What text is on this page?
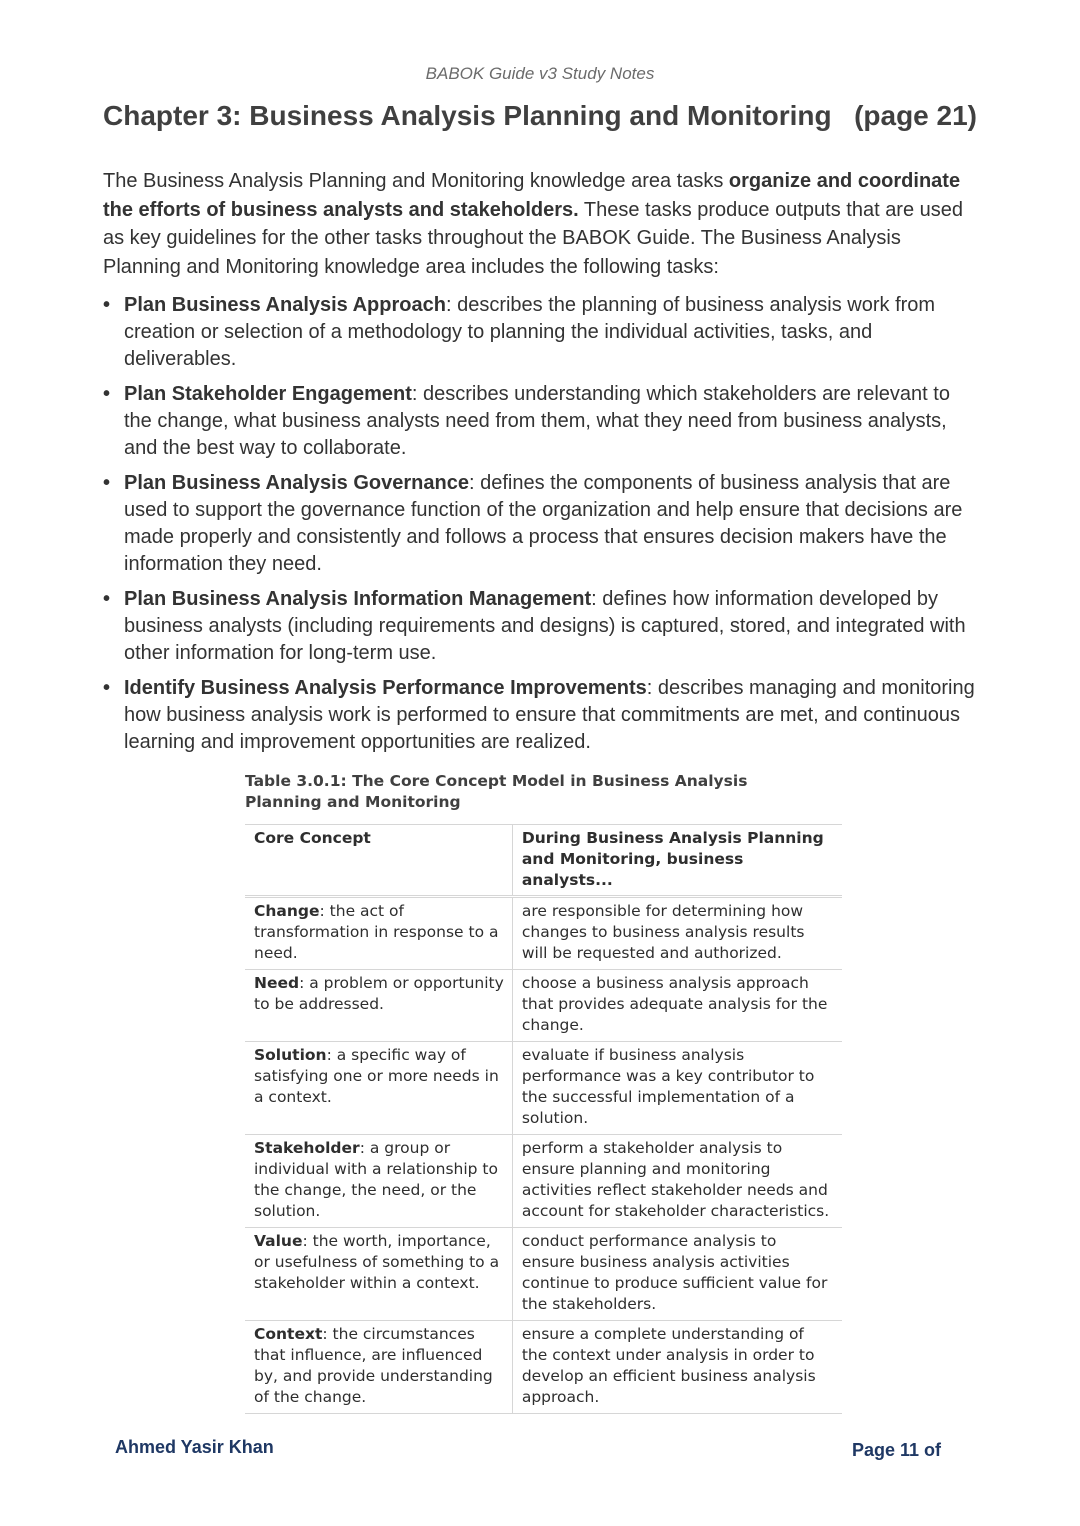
BABOK Guide v3 Study Notes
Chapter 3: Business Analysis Planning and Monitoring (page 21)

The Business Analysis Planning and Monitoring knowledge area tasks organize and coordinate the efforts of business analysts and stakeholders. These tasks produce outputs that are used as key guidelines for the other tasks throughout the BABOK Guide. The Business Analysis Planning and Monitoring knowledge area includes the following tasks:

• Plan Business Analysis Approach: describes the planning of business analysis work from creation or selection of a methodology to planning the individual activities, tasks, and deliverables.
• Plan Stakeholder Engagement: describes understanding which stakeholders are relevant to the change, what business analysts need from them, what they need from business analysts, and the best way to collaborate.
• Plan Business Analysis Governance: defines the components of business analysis that are used to support the governance function of the organization and help ensure that decisions are made properly and consistently and follows a process that ensures decision makers have the information they need.
• Plan Business Analysis Information Management: defines how information developed by business analysts (including requirements and designs) is captured, stored, and integrated with other information for long-term use.
• Identify Business Analysis Performance Improvements: describes managing and monitoring how business analysis work is performed to ensure that commitments are met, and continuous learning and improvement opportunities are realized.
Table 3.0.1: The Core Concept Model in Business Analysis Planning and Monitoring
Core Concept	During Business Analysis Planning and Monitoring, business analysts...
Change: the act of transformation in response to a need.	are responsible for determining how changes to business analysis results will be requested and authorized.
Need: a problem or opportunity to be addressed.	choose a business analysis approach that provides adequate analysis for the change.
Solution: a specific way of satisfying one or more needs in a context.	evaluate if business analysis performance was a key contributor to the successful implementation of a solution.
Stakeholder: a group or individual with a relationship to the change, the need, or the solution.	perform a stakeholder analysis to ensure planning and monitoring activities reflect stakeholder needs and account for stakeholder characteristics.
Value: the worth, importance, or usefulness of something to a stakeholder within a context.	conduct performance analysis to ensure business analysis activities continue to produce sufficient value for the stakeholders.
Context: the circumstances that influence, are influenced by, and provide understanding of the change.	ensure a complete understanding of the context under analysis in order to develop an efficient business analysis approach.
Ahmed Yasir Khan	Page 11 of
